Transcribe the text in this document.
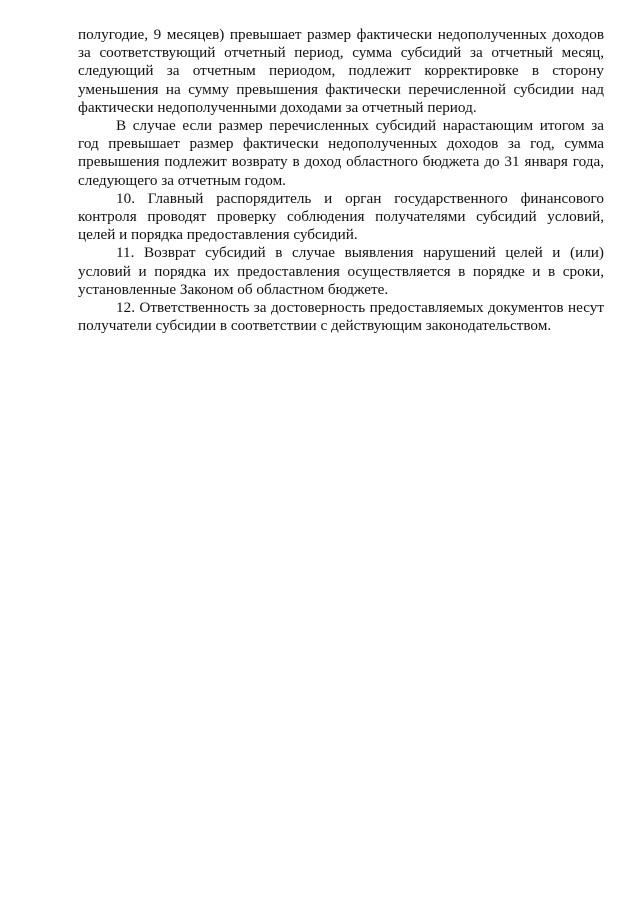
полугодие, 9 месяцев) превышает размер фактически недополученных доходов за соответствующий отчетный период, сумма субсидий за отчетный месяц, следующий за отчетным периодом, подлежит корректировке в сторону уменьшения на сумму превышения фактически перечисленной субсидии над фактически недополученными доходами за отчетный период.

В случае если размер перечисленных субсидий нарастающим итогом за год превышает размер фактически недополученных доходов за год, сумма превышения подлежит возврату в доход областного бюджета до 31 января года, следующего за отчетным годом.

10. Главный распорядитель и орган государственного финансового контроля проводят проверку соблюдения получателями субсидий условий, целей и порядка предоставления субсидий.

11. Возврат субсидий в случае выявления нарушений целей и (или) условий и порядка их предоставления осуществляется в порядке и в сроки, установленные Законом об областном бюджете.

12. Ответственность за достоверность предоставляемых документов несут получатели субсидии в соответствии с действующим законодательством.
